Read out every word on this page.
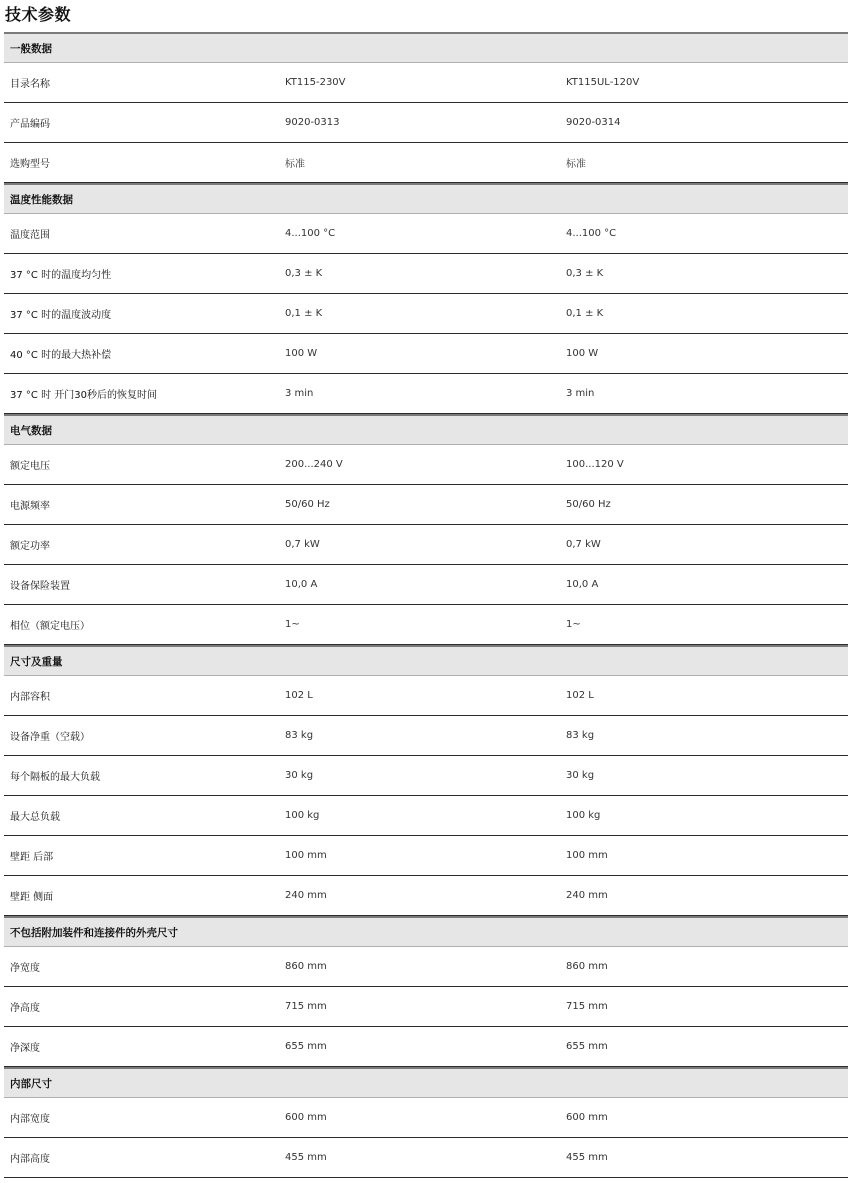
技术参数
一般数据
目录名称	KT115-230V	KT115UL-120V
产品编码	9020-0313	9020-0314
选购型号	标准	标准
温度性能数据
温度范围	4...100 °C	4...100 °C
37 °C 时的温度均匀性	0,3 ± K	0,3 ± K
37 °C 时的温度波动度	0,1 ± K	0,1 ± K
40 °C 时的最大热补偿	100 W	100 W
37 °C 时 开门30秒后的恢复时间	3 min	3 min
电气数据
额定电压	200...240 V	100...120 V
电源频率	50/60 Hz	50/60 Hz
额定功率	0,7 kW	0,7 kW
设备保险装置	10,0 A	10,0 A
相位（额定电压）	1~	1~
尺寸及重量
内部容积	102 L	102 L
设备净重（空载）	83 kg	83 kg
每个隔板的最大负载	30 kg	30 kg
最大总负载	100 kg	100 kg
壁距 后部	100 mm	100 mm
壁距 侧面	240 mm	240 mm
不包括附加装件和连接件的外壳尺寸
净宽度	860 mm	860 mm
净高度	715 mm	715 mm
净深度	655 mm	655 mm
内部尺寸
内部宽度	600 mm	600 mm
内部高度	455 mm	455 mm
